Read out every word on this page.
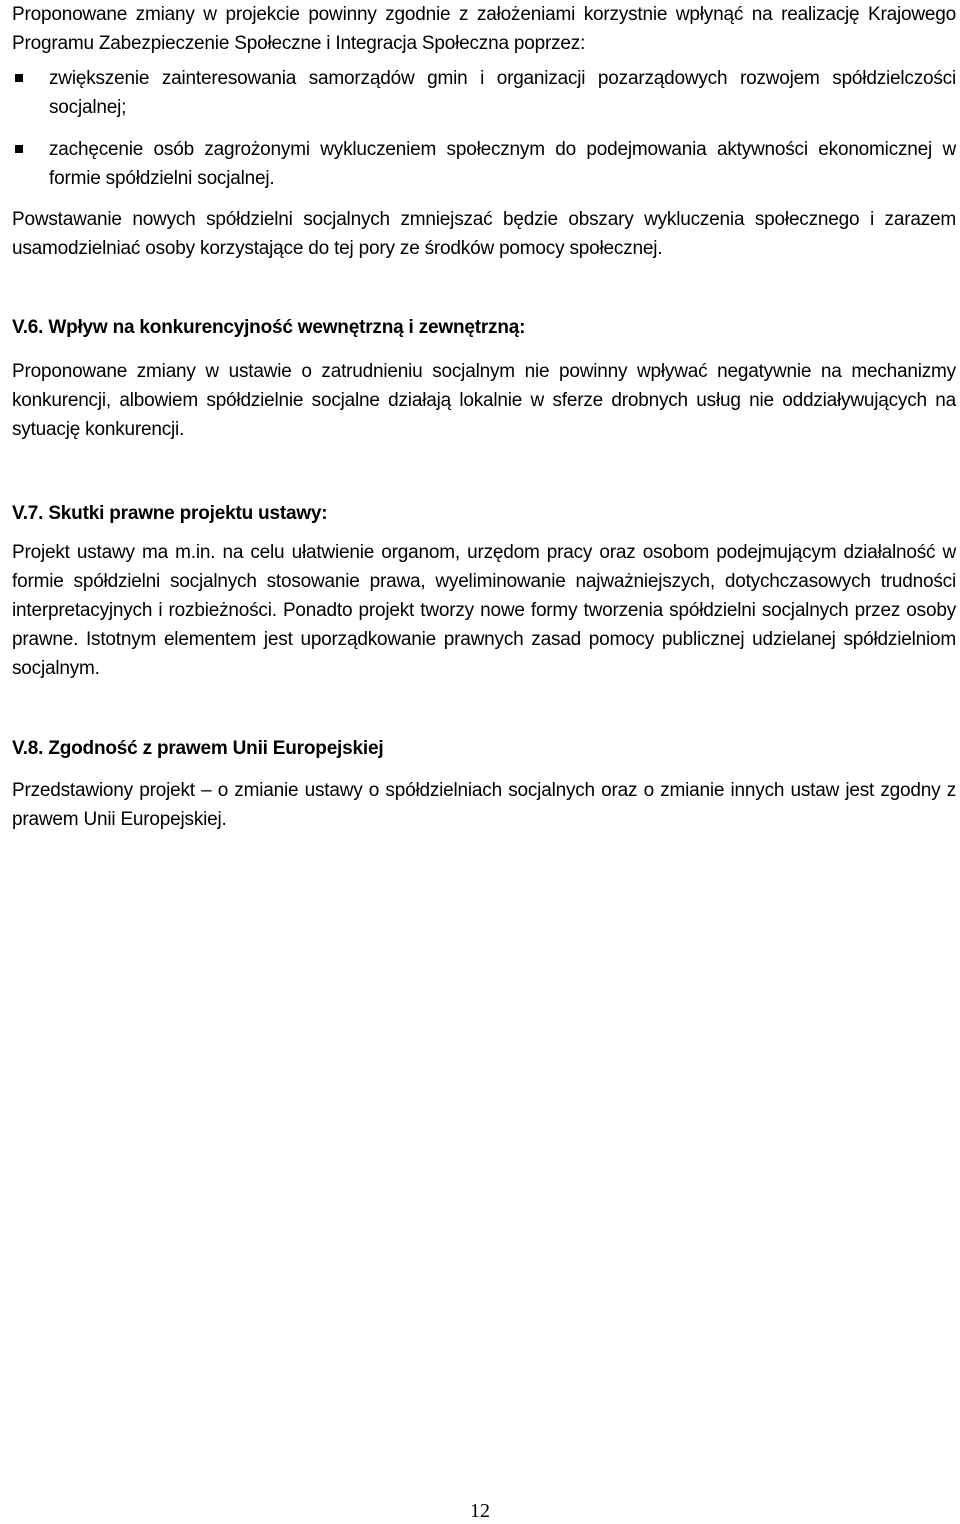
Proponowane zmiany w projekcie powinny zgodnie z założeniami korzystnie wpłynąć na realizację Krajowego Programu Zabezpieczenie Społeczne i Integracja Społeczna poprzez:

zwiększenie zainteresowania samorządów gmin i organizacji pozarządowych rozwojem spółdzielczości socjalnej;
zachęcenie osób zagrożonymi wykluczeniem społecznym do podejmowania aktywności ekonomicznej w formie spółdzielni socjalnej.

Powstawanie nowych spółdzielni socjalnych zmniejszać będzie obszary wykluczenia społecznego i zarazem usamodzielniać osoby korzystające do tej pory ze środków pomocy społecznej.

V.6. Wpływ na konkurencyjność wewnętrzną i zewnętrzną:

Proponowane zmiany w ustawie o zatrudnieniu socjalnym nie powinny wpływać negatywnie na mechanizmy konkurencji, albowiem spółdzielnie socjalne działają lokalnie w sferze drobnych usług nie oddziaływujących na sytuację konkurencji.

V.7. Skutki prawne projektu ustawy:

Projekt ustawy ma m.in. na celu ułatwienie organom, urzędom pracy oraz osobom podejmującym działalność w formie spółdzielni socjalnych stosowanie prawa, wyeliminowanie najważniejszych, dotychczasowych trudności interpretacyjnych i rozbieżności. Ponadto projekt tworzy nowe formy tworzenia spółdzielni socjalnych przez osoby prawne. Istotnym elementem jest uporządkowanie prawnych zasad pomocy publicznej udzielanej spółdzielniom socjalnym.

V.8. Zgodność z prawem Unii Europejskiej

Przedstawiony projekt – o zmianie ustawy o spółdzielniach socjalnych oraz o zmianie innych ustaw jest zgodny z prawem Unii Europejskiej.

12
